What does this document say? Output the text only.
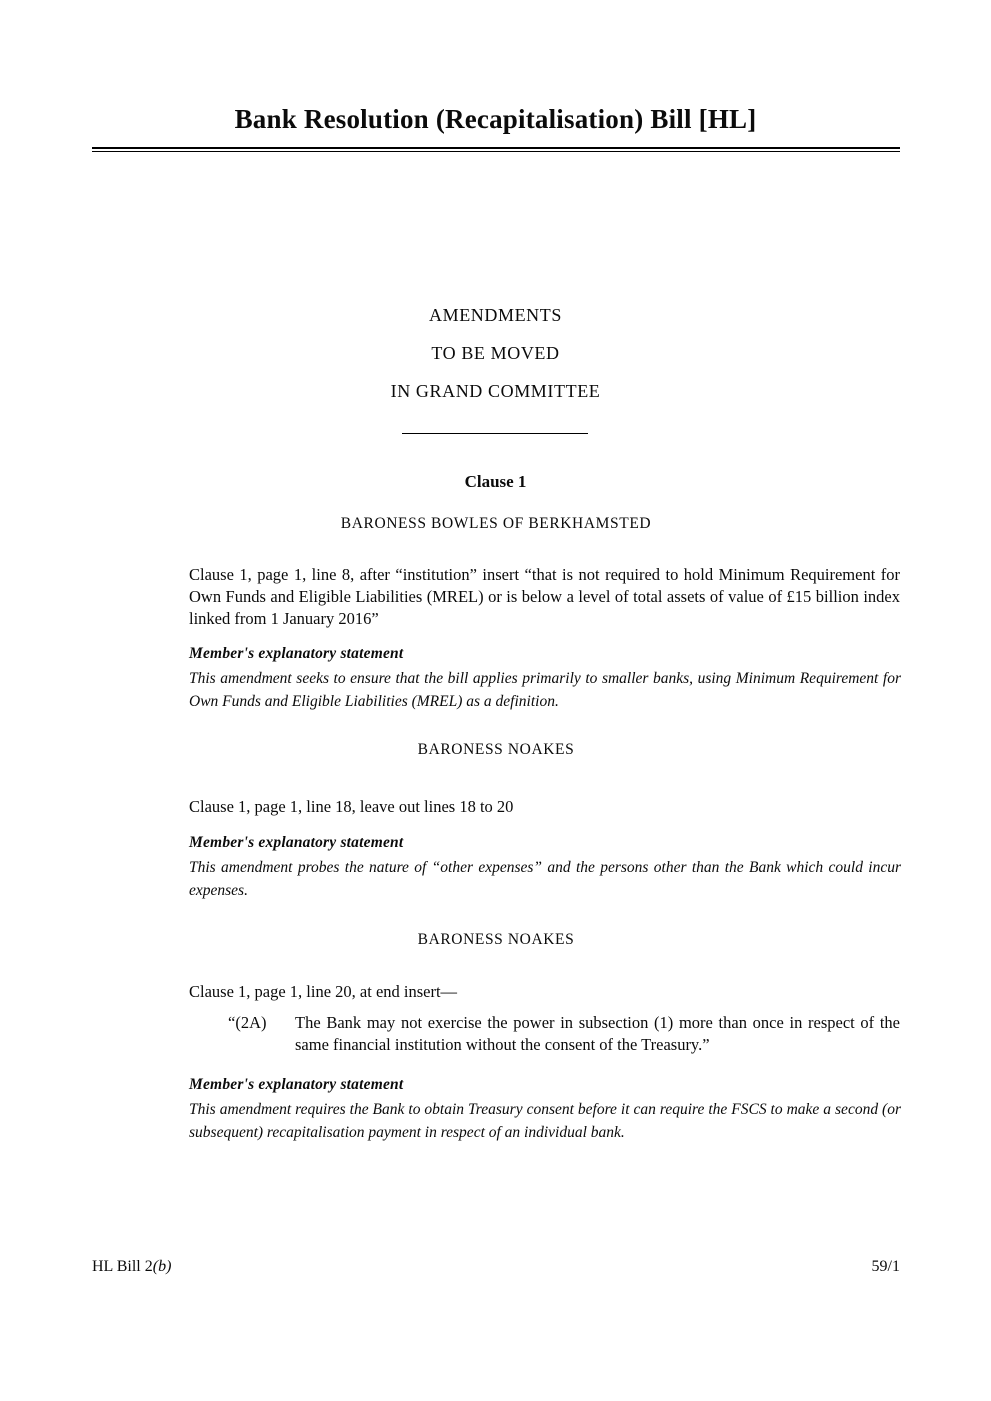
Bank Resolution (Recapitalisation) Bill [HL]
AMENDMENTS
TO BE MOVED
IN GRAND COMMITTEE
Clause 1
BARONESS BOWLES OF BERKHAMSTED

Clause 1, page 1, line 8, after “institution” insert “that is not required to hold Minimum Requirement for Own Funds and Eligible Liabilities (MREL) or is below a level of total assets of value of £15 billion index linked from 1 January 2016”

Member's explanatory statement

This amendment seeks to ensure that the bill applies primarily to smaller banks, using Minimum Requirement for Own Funds and Eligible Liabilities (MREL) as a definition.

BARONESS NOAKES

Clause 1, page 1, line 18, leave out lines 18 to 20

Member's explanatory statement

This amendment probes the nature of “other expenses” and the persons other than the Bank which could incur expenses.

BARONESS NOAKES

Clause 1, page 1, line 20, at end insert—

“(2A)	The Bank may not exercise the power in subsection (1) more than once in respect of the same financial institution without the consent of the Treasury.”
Member's explanatory statement

This amendment requires the Bank to obtain Treasury consent before it can require the FSCS to make a second (or subsequent) recapitalisation payment in respect of an individual bank.

HL Bill 2(b)	59/1
